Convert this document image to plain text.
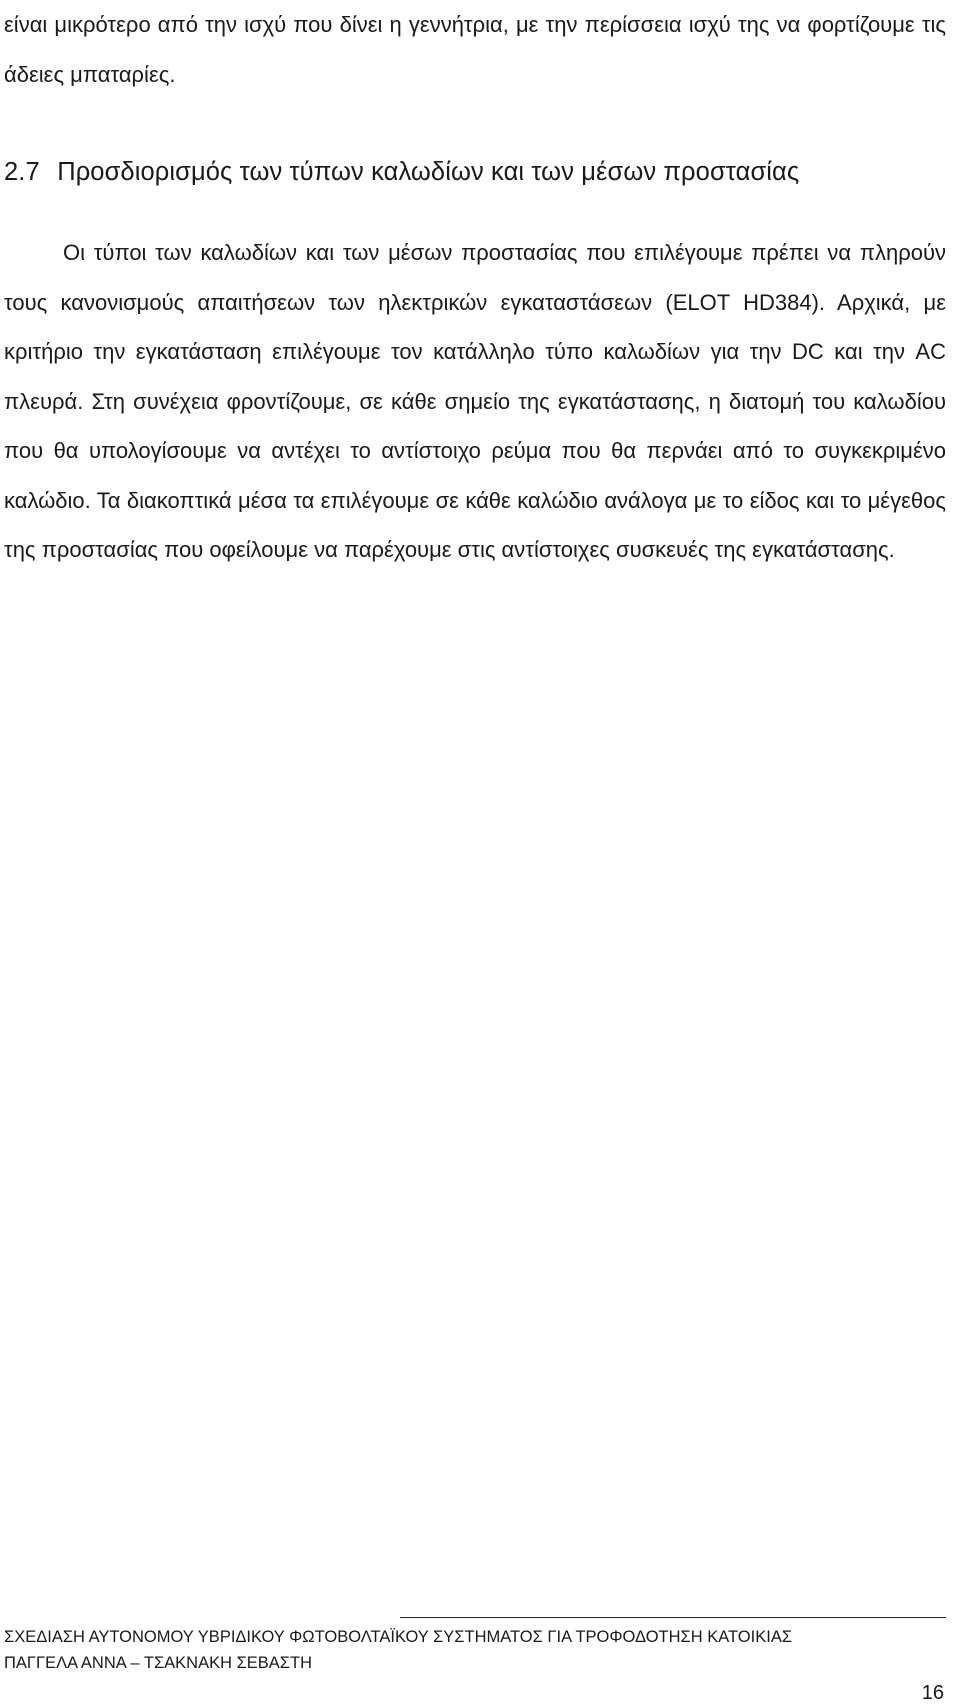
είναι μικρότερο από την ισχύ που δίνει η γεννήτρια, με την περίσσεια ισχύ της να φορτίζουμε τις άδειες μπαταρίες.

2.7 Προσδιορισμός των τύπων καλωδίων και των μέσων προστασίας

Οι τύποι των καλωδίων και των μέσων προστασίας που επιλέγουμε πρέπει να πληρούν τους κανονισμούς απαιτήσεων των ηλεκτρικών εγκαταστάσεων (ELOT HD384). Αρχικά, με κριτήριο την εγκατάσταση επιλέγουμε τον κατάλληλο τύπο καλωδίων για την DC και την AC πλευρά. Στη συνέχεια φροντίζουμε, σε κάθε σημείο της εγκατάστασης, η διατομή του καλωδίου που θα υπολογίσουμε να αντέχει το αντίστοιχο ρεύμα που θα περνάει από το συγκεκριμένο καλώδιο. Τα διακοπτικά μέσα τα επιλέγουμε σε κάθε καλώδιο ανάλογα με το είδος και το μέγεθος της προστασίας που οφείλουμε να παρέχουμε στις αντίστοιχες συσκευές της εγκατάστασης.

ΣΧΕΔΙΑΣΗ ΑΥΤΟΝΟΜΟΥ ΥΒΡΙΔΙΚΟΥ ΦΩΤΟΒΟΛΤΑΪΚΟΥ ΣΥΣΤΗΜΑΤΟΣ ΓΙΑ ΤΡΟΦΟΔΟΤΗΣΗ ΚΑΤΟΙΚΙΑΣ

ΠΑΓΓΕΛΑ ΑΝΝΑ – ΤΣΑΚΝΑΚΗ ΣΕΒΑΣΤΗ

16
